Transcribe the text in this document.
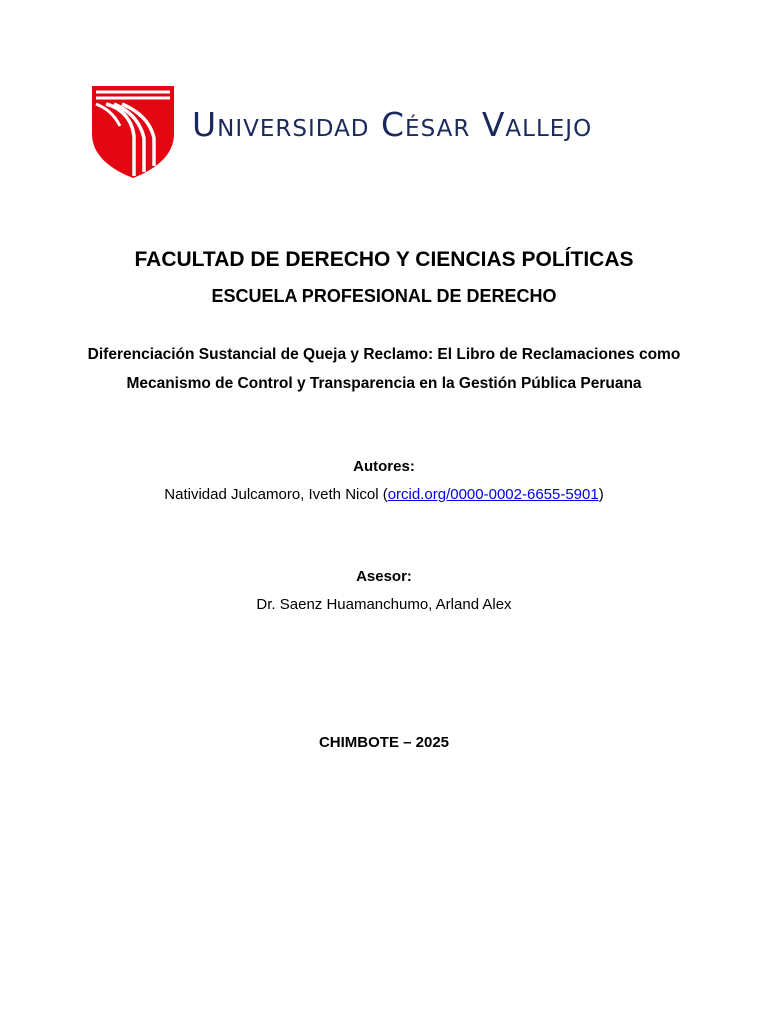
Universidad César Vallejo
FACULTAD DE DERECHO Y CIENCIAS POLÍTICAS
ESCUELA PROFESIONAL DE DERECHO
Diferenciación Sustancial de Queja y Reclamo: El Libro de Reclamaciones como Mecanismo de Control y Transparencia en la Gestión Pública Peruana
Autores:
Natividad Julcamoro, Iveth Nicol (orcid.org/0000-0002-6655-5901)
Asesor:
Dr. Saenz Huamanchumo, Arland Alex
CHIMBOTE – 2025
